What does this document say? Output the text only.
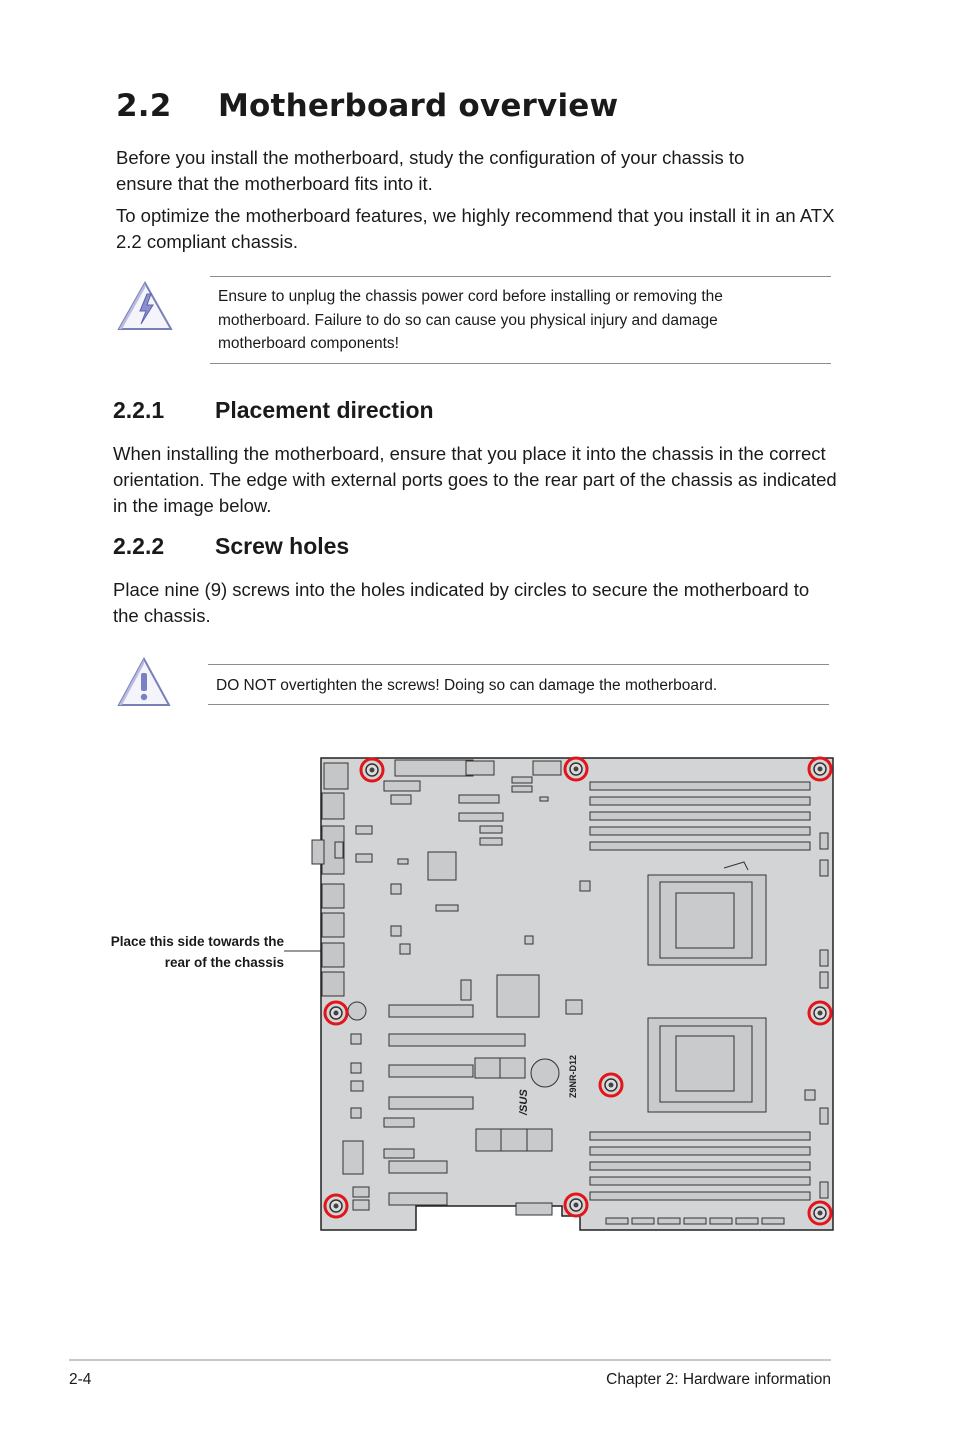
2.2 Motherboard overview

Before you install the motherboard, study the configuration of your chassis to ensure that the motherboard fits into it.

To optimize the motherboard features, we highly recommend that you install it in an ATX 2.2 compliant chassis.

Ensure to unplug the chassis power cord before installing or removing the motherboard. Failure to do so can cause you physical injury and damage motherboard components!

2.2.1 Placement direction

When installing the motherboard, ensure that you place it into the chassis in the correct orientation. The edge with external ports goes to the rear part of the chassis as indicated in the image below.

2.2.2 Screw holes

Place nine (9) screws into the holes indicated by circles to secure the motherboard to the chassis.

DO NOT overtighten the screws! Doing so can damage the motherboard.

Place this side towards the rear of the chassis
Z9NR-D12
/SUS
2-4	Chapter 2: Hardware information
